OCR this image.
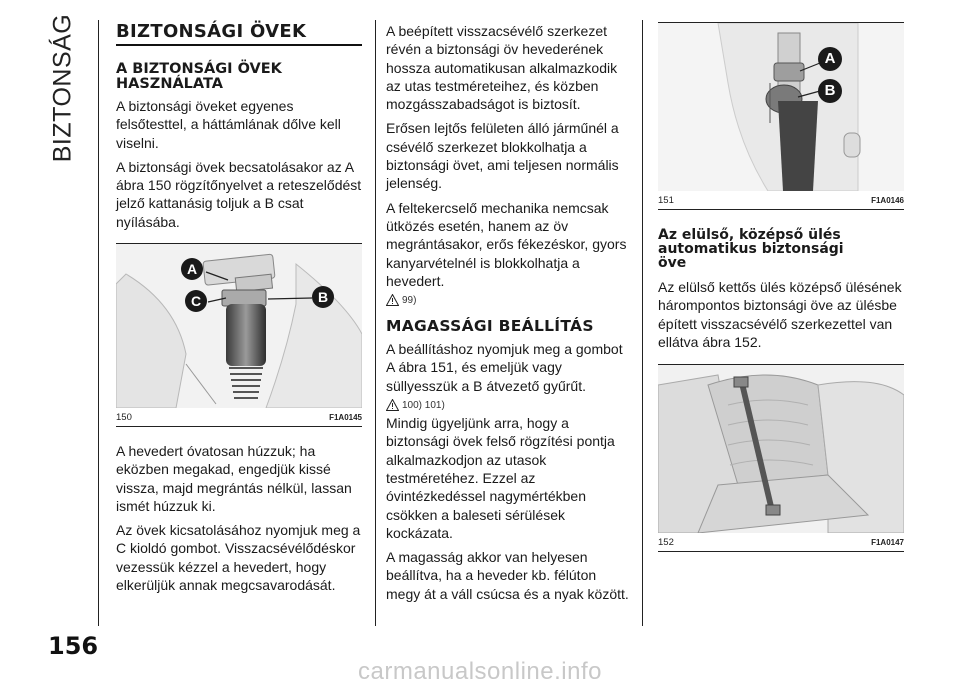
BIZTONSÁG
156
BIZTONSÁGI ÖVEK
A BIZTONSÁGI ÖVEK
HASZNÁLATA

A biztonsági öveket egyenes felsőtesttel, a háttámlának dőlve kell viselni.

A biztonsági övek becsatolásakor az A ábra 150 rögzítőnyelvet a reteszelődést jelző kattanásig toljuk a B csat nyílásába.

A
C	B
150	F1A0145

A hevedert óvatosan húzzuk; ha eközben megakad, engedjük kissé vissza, majd megrántás nélkül, lassan ismét húzzuk ki.

Az övek kicsatolásához nyomjuk meg a C kioldó gombot. Visszacsévélődéskor vezessük kézzel a hevedert, hogy elkerüljük annak megcsavarodását.

A beépített visszacsévélő szerkezet révén a biztonsági öv hevederének hossza automatikusan alkalmazkodik az utas testméreteihez, és közben mozgásszabadságot is biztosít.

Erősen lejtős felületen álló járműnél a csévélő szerkezet blokkolhatja a biztonsági övet, ami teljesen normális jelenség.

A feltekercselő mechanika nemcsak ütközés esetén, hanem az öv megrántásakor, erős fékezéskor, gyors kanyarvételnél is blokkolhatja a hevedert.

99)
MAGASSÁGI BEÁLLÍTÁS

A beállításhoz nyomjuk meg a gombot A ábra 151, és emeljük vagy süllyesszük a B átvezető gyűrűt.

100) 101)

Mindig ügyeljünk arra, hogy a biztonsági övek felső rögzítési pontja alkalmazkodjon az utasok testméretéhez. Ezzel az óvintézkedéssel nagymértékben csökken a baleseti sérülések kockázata.

A magasság akkor van helyesen beállítva, ha a heveder kb. félúton megy át a váll csúcsa és a nyak között.

A
B
151	F1A0146
Az elülső, középső ülés
automatikus biztonsági
öve

Az elülső kettős ülés középső ülésének hárompontos biztonsági öve az ülésbe épített visszacsévélő szerkezettel van ellátva ábra 152.

152	F1A0147
carmanualsonline.info
